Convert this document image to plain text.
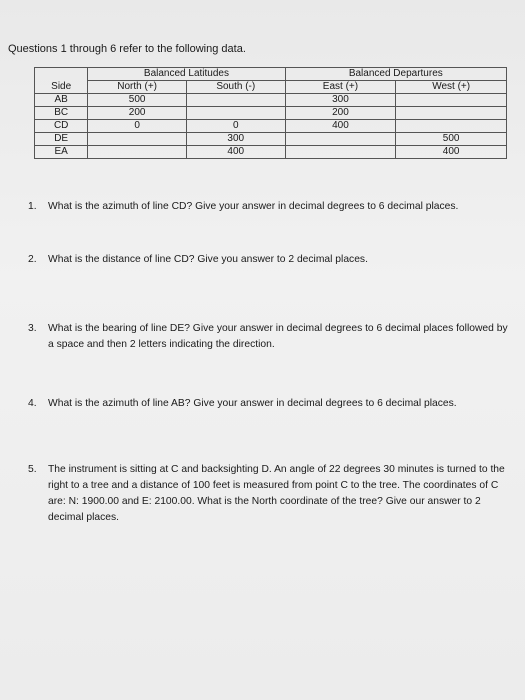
Questions 1 through 6 refer to the following data.
	Balanced Latitudes		Balanced Departures	
Side	North (+)	South (-)	East (+)	West (+)
AB	500		300	
BC	200		200	
CD	0	0	400	
DE		300		500
EA		400		400
1. What is the azimuth of line CD? Give your answer in decimal degrees to 6 decimal places.
2. What is the distance of line CD? Give you answer to 2 decimal places.
3. What is the bearing of line DE? Give your answer in decimal degrees to 6 decimal places followed by a space and then 2 letters indicating the direction.
4. What is the azimuth of line AB? Give your answer in decimal degrees to 6 decimal places.
5. The instrument is sitting at C and backsighting D. An angle of 22 degrees 30 minutes is turned to the right to a tree and a distance of 100 feet is measured from point C to the tree. The coordinates of C are: N: 1900.00 and E: 2100.00. What is the North coordinate of the tree? Give our answer to 2 decimal places.
